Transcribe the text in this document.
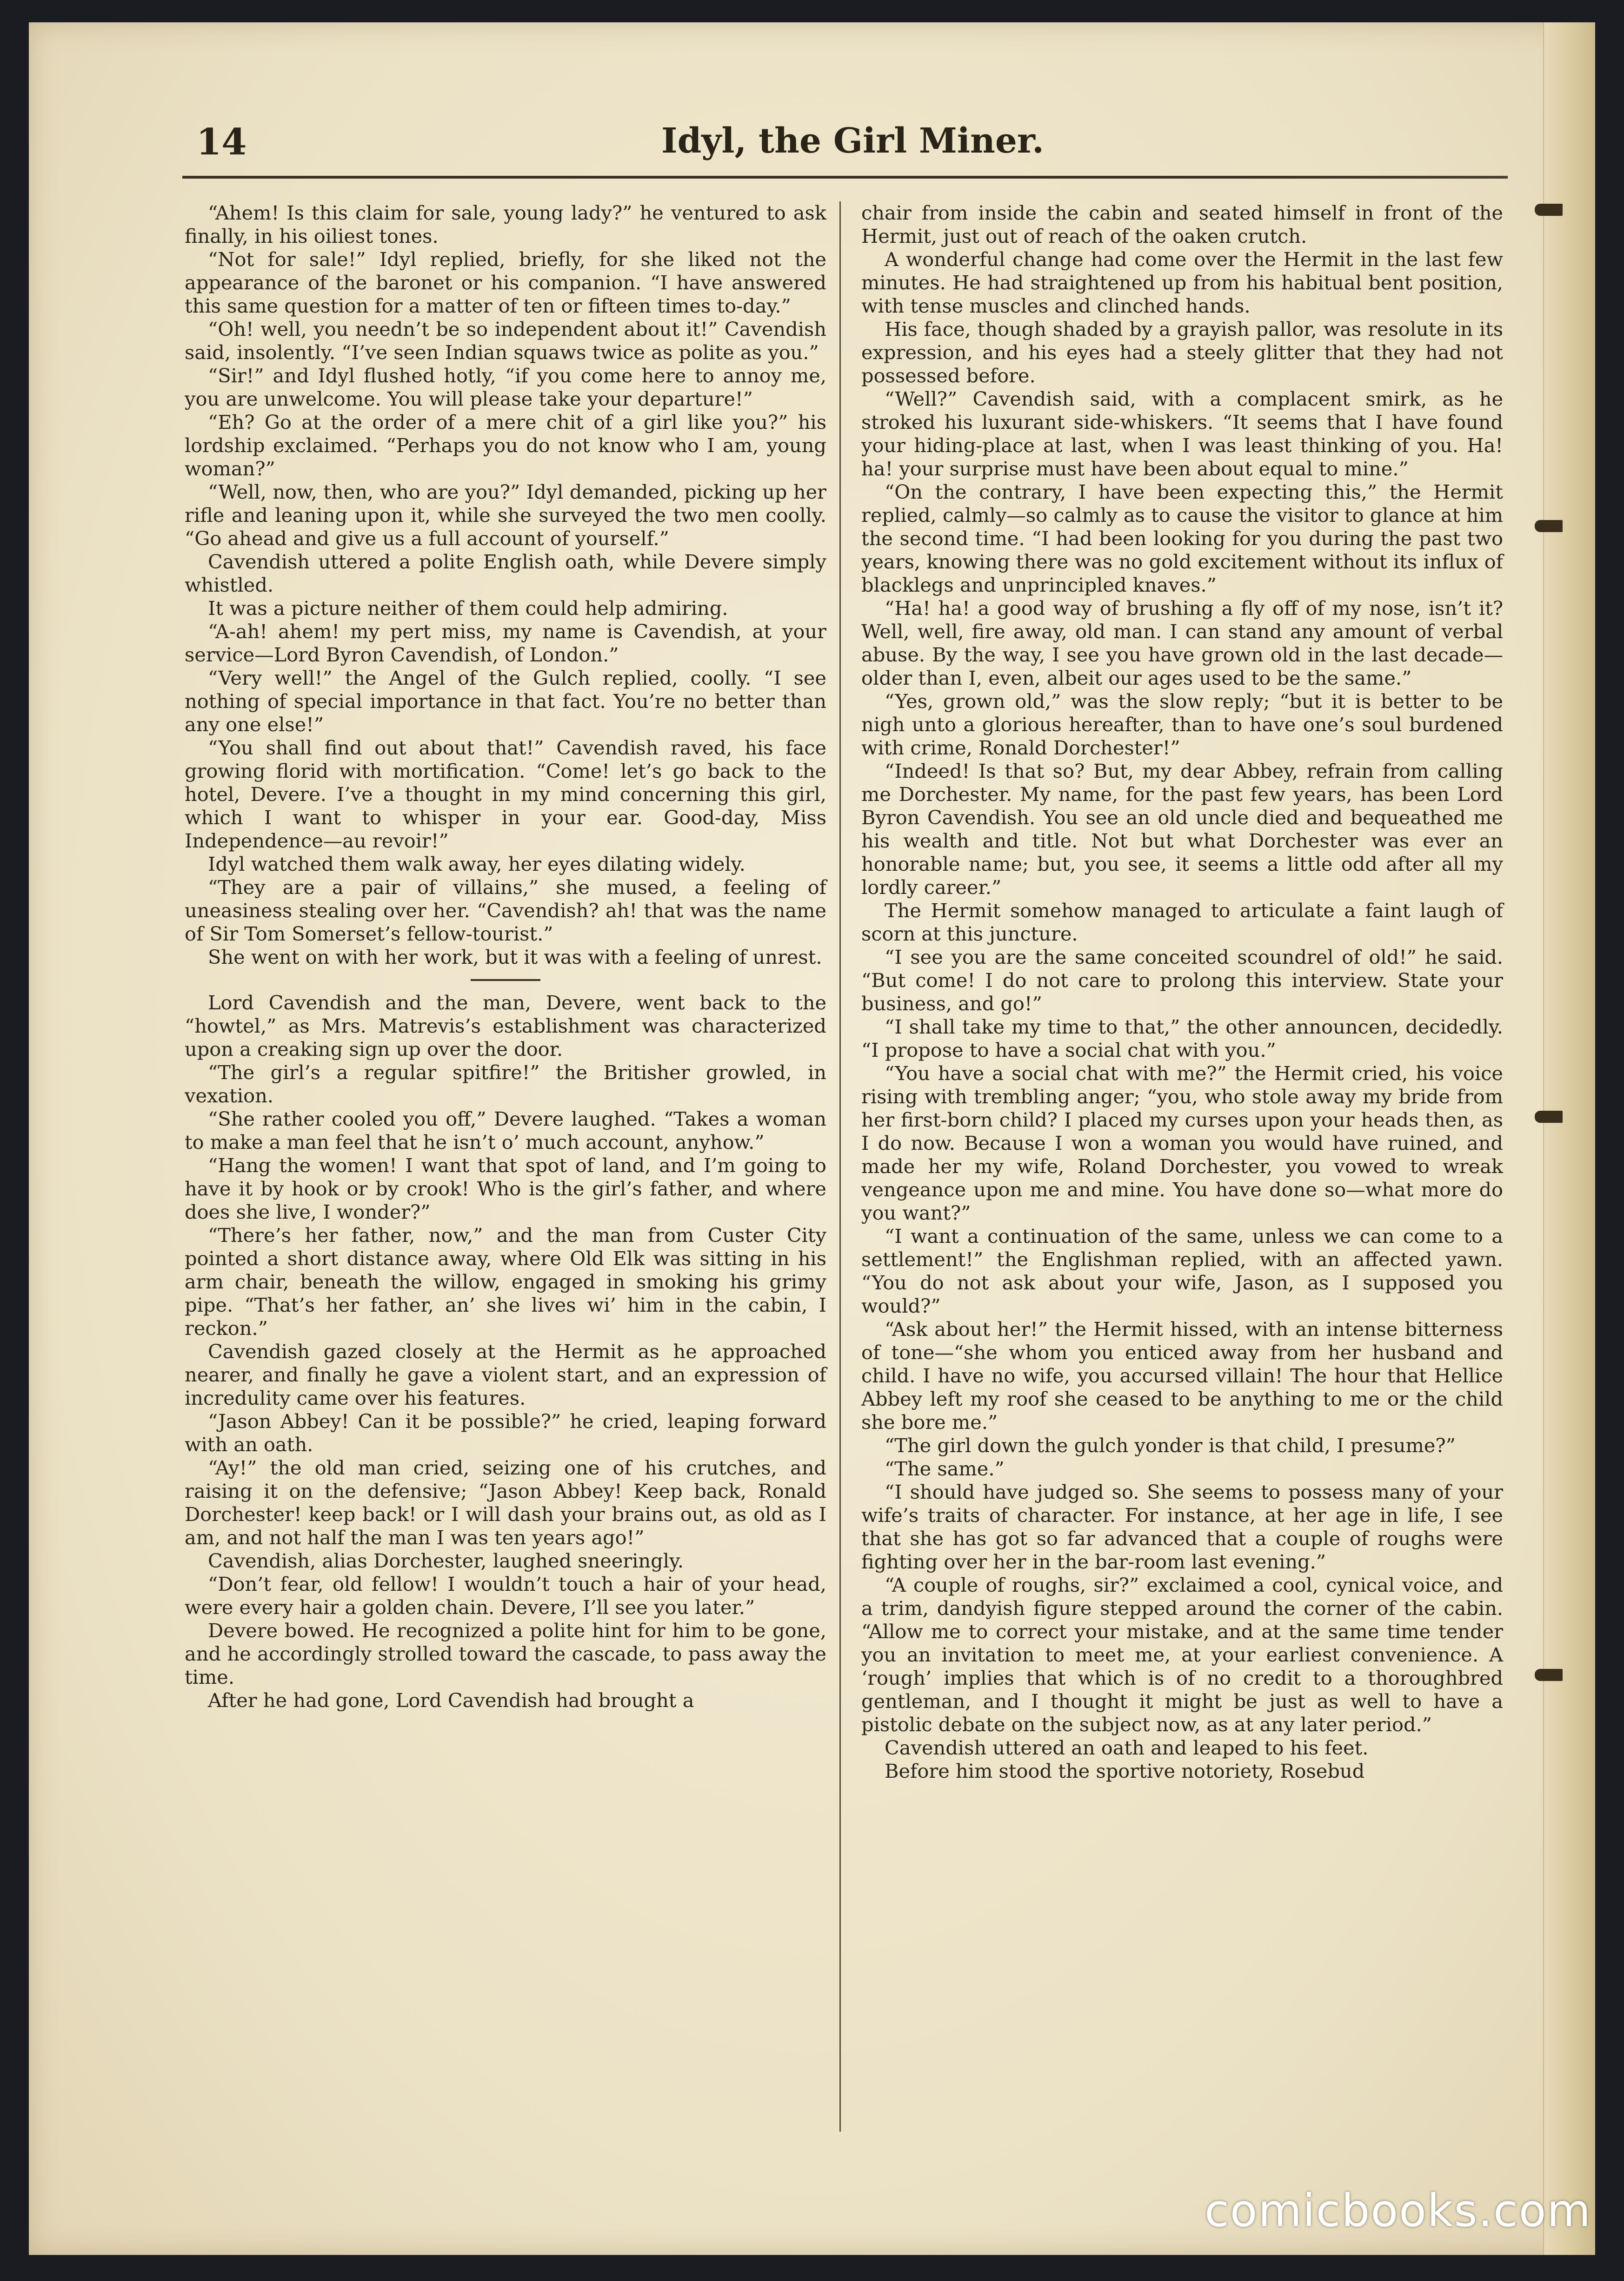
14	Idyl, the Girl Miner.

“Ahem! Is this claim for sale, young lady?” he ventured to ask finally, in his oiliest tones.

“Not for sale!” Idyl replied, briefly, for she liked not the appearance of the baronet or his companion. “I have answered this same question for a matter of ten or fifteen times to-day.”

“Oh! well, you needn’t be so independent about it!” Cavendish said, insolently. “I’ve seen Indian squaws twice as polite as you.”

“Sir!” and Idyl flushed hotly, “if you come here to annoy me, you are unwelcome. You will please take your departure!”

“Eh? Go at the order of a mere chit of a girl like you?” his lordship exclaimed. “Perhaps you do not know who I am, young woman?”

“Well, now, then, who are you?” Idyl demanded, picking up her rifle and leaning upon it, while she surveyed the two men coolly. “Go ahead and give us a full account of yourself.”

Cavendish uttered a polite English oath, while Devere simply whistled.

It was a picture neither of them could help admiring.

“A-ah! ahem! my pert miss, my name is Cavendish, at your service—Lord Byron Cavendish, of London.”

“Very well!” the Angel of the Gulch replied, coolly. “I see nothing of special importance in that fact. You’re no better than any one else!”

“You shall find out about that!” Cavendish raved, his face growing florid with mortification. “Come! let’s go back to the hotel, Devere. I’ve a thought in my mind concerning this girl, which I want to whisper in your ear. Good-day, Miss Independence—au revoir!”

Idyl watched them walk away, her eyes dilating widely.

“They are a pair of villains,” she mused, a feeling of uneasiness stealing over her. “Cavendish? ah! that was the name of Sir Tom Somerset’s fellow-tourist.”

She went on with her work, but it was with a feeling of unrest.

Lord Cavendish and the man, Devere, went back to the “howtel,” as Mrs. Matrevis’s establishment was characterized upon a creaking sign up over the door.

“The girl’s a regular spitfire!” the Britisher growled, in vexation.

“She rather cooled you off,” Devere laughed. “Takes a woman to make a man feel that he isn’t o’ much account, anyhow.”

“Hang the women! I want that spot of land, and I’m going to have it by hook or by crook! Who is the girl’s father, and where does she live, I wonder?”

“There’s her father, now,” and the man from Custer City pointed a short distance away, where Old Elk was sitting in his arm chair, beneath the willow, engaged in smoking his grimy pipe. “That’s her father, an’ she lives wi’ him in the cabin, I reckon.”

Cavendish gazed closely at the Hermit as he approached nearer, and finally he gave a violent start, and an expression of incredulity came over his features.

“Jason Abbey! Can it be possible?” he cried, leaping forward with an oath.

“Ay!” the old man cried, seizing one of his crutches, and raising it on the defensive; “Jason Abbey! Keep back, Ronald Dorchester! keep back! or I will dash your brains out, as old as I am, and not half the man I was ten years ago!”

Cavendish, alias Dorchester, laughed sneeringly.

“Don’t fear, old fellow! I wouldn’t touch a hair of your head, were every hair a golden chain. Devere, I’ll see you later.”

Devere bowed. He recognized a polite hint for him to be gone, and he accordingly strolled toward the cascade, to pass away the time.

After he had gone, Lord Cavendish had brought a

chair from inside the cabin and seated himself in front of the Hermit, just out of reach of the oaken crutch.

A wonderful change had come over the Hermit in the last few minutes. He had straightened up from his habitual bent position, with tense muscles and clinched hands.

His face, though shaded by a grayish pallor, was resolute in its expression, and his eyes had a steely glitter that they had not possessed before.

“Well?” Cavendish said, with a complacent smirk, as he stroked his luxurant side-whiskers. “It seems that I have found your hiding-place at last, when I was least thinking of you. Ha! ha! your surprise must have been about equal to mine.”

“On the contrary, I have been expecting this,” the Hermit replied, calmly—so calmly as to cause the visitor to glance at him the second time. “I had been looking for you during the past two years, knowing there was no gold excitement without its influx of blacklegs and unprincipled knaves.”

“Ha! ha! a good way of brushing a fly off of my nose, isn’t it? Well, well, fire away, old man. I can stand any amount of verbal abuse. By the way, I see you have grown old in the last decade—older than I, even, albeit our ages used to be the same.”

“Yes, grown old,” was the slow reply; “but it is better to be nigh unto a glorious hereafter, than to have one’s soul burdened with crime, Ronald Dorchester!”

“Indeed! Is that so? But, my dear Abbey, refrain from calling me Dorchester. My name, for the past few years, has been Lord Byron Cavendish. You see an old uncle died and bequeathed me his wealth and title. Not but what Dorchester was ever an honorable name; but, you see, it seems a little odd after all my lordly career.”

The Hermit somehow managed to articulate a faint laugh of scorn at this juncture.

“I see you are the same conceited scoundrel of old!” he said. “But come! I do not care to prolong this interview. State your business, and go!”

“I shall take my time to that,” the other announcen, decidedly. “I propose to have a social chat with you.”

“You have a social chat with me?” the Hermit cried, his voice rising with trembling anger; “you, who stole away my bride from her first-born child? I placed my curses upon your heads then, as I do now. Because I won a woman you would have ruined, and made her my wife, Roland Dorchester, you vowed to wreak vengeance upon me and mine. You have done so—what more do you want?”

“I want a continuation of the same, unless we can come to a settlement!” the Englishman replied, with an affected yawn. “You do not ask about your wife, Jason, as I supposed you would?”

“Ask about her!” the Hermit hissed, with an intense bitterness of tone—“she whom you enticed away from her husband and child. I have no wife, you accursed villain! The hour that Hellice Abbey left my roof she ceased to be anything to me or the child she bore me.”

“The girl down the gulch yonder is that child, I presume?”

“The same.”

“I should have judged so. She seems to possess many of your wife’s traits of character. For instance, at her age in life, I see that she has got so far advanced that a couple of roughs were fighting over her in the bar-room last evening.”

“A couple of roughs, sir?” exclaimed a cool, cynical voice, and a trim, dandyish figure stepped around the corner of the cabin. “Allow me to correct your mistake, and at the same time tender you an invitation to meet me, at your earliest convenience. A ‘rough’ implies that which is of no credit to a thoroughbred gentleman, and I thought it might be just as well to have a pistolic debate on the subject now, as at any later period.”

Cavendish uttered an oath and leaped to his feet.

Before him stood the sportive notoriety, Rosebud

comicbooks.com
